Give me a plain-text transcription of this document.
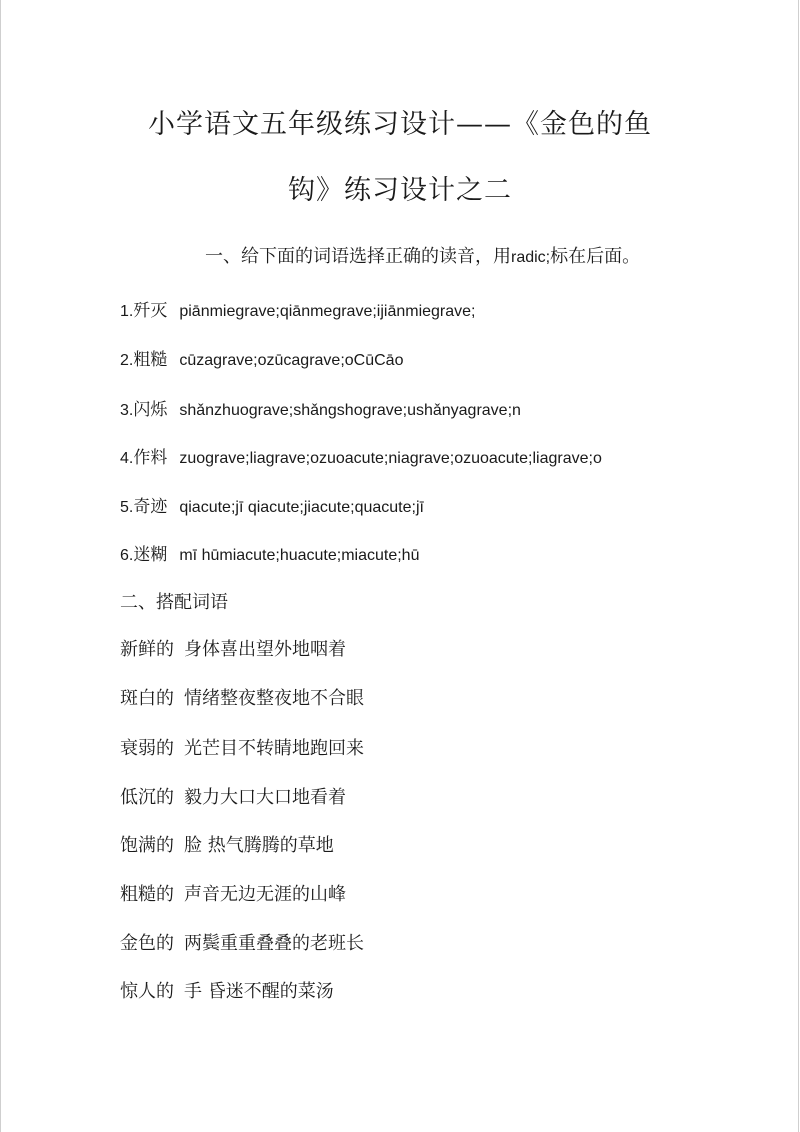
小学语文五年级练习设计——《金色的鱼
钩》练习设计之二
一、给下面的词语选择正确的读音，用radic;标在后面。
1.歼灭 piānmiegrave;qiānmegrave;ijiānmiegrave;
2.粗糙 cūzagrave;ozūcagrave;oCūCāo
3.闪烁 shǎnzhuograve;shǎngshograve;ushǎnyagrave;n
4.作料 zuograve;liagrave;ozuoacute;niagrave;ozuoacute;liagrave;o
5.奇迹 qiacute;jī qiacute;jiacute;quacute;jī
6.迷糊 mī hūmiacute;huacute;miacute;hū
二、搭配词语
新鲜的 身体喜出望外地咽着
斑白的 情绪整夜整夜地不合眼
衰弱的 光芒目不转睛地跑回来
低沉的 毅力大口大口地看着
饱满的 脸 热气腾腾的草地
粗糙的 声音无边无涯的山峰
金色的 两鬓重重叠叠的老班长
惊人的 手 昏迷不醒的菜汤
